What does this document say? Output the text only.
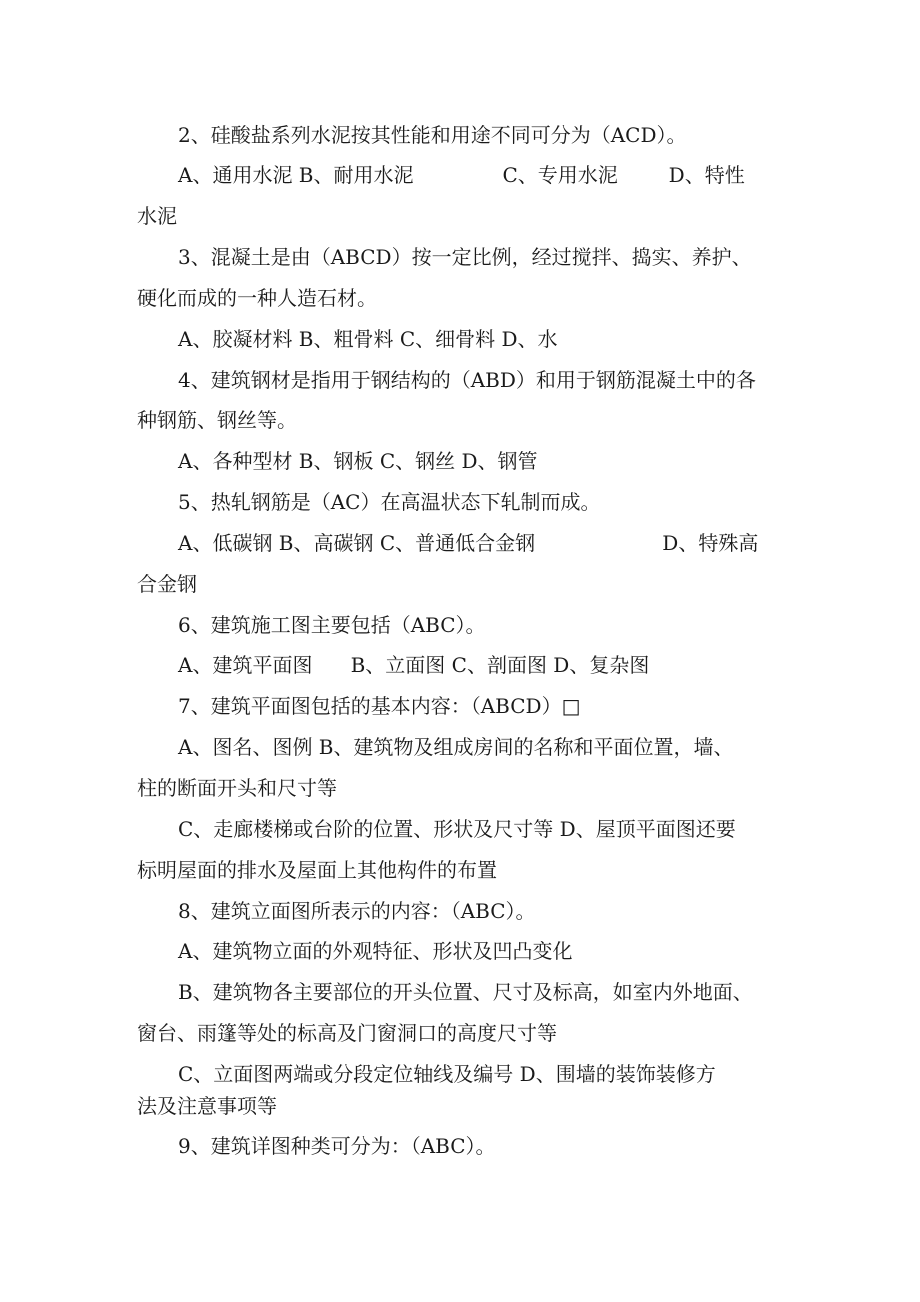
2、硅酸盐系列水泥按其性能和用途不同可分为（ACD）。
A、通用水泥 B、耐用水泥              C、专用水泥        D、特性
水泥
3、混凝土是由（ABCD）按一定比例，经过搅拌、捣实、养护、
硬化而成的一种人造石材。
A、胶凝材料 B、粗骨料 C、细骨料 D、水
4、建筑钢材是指用于钢结构的（ABD）和用于钢筋混凝土中的各
种钢筋、钢丝等。
A、各种型材 B、钢板 C、钢丝 D、钢管
5、热轧钢筋是（AC）在高温状态下轧制而成。
A、低碳钢 B、高碳钢 C、普通低合金钢                    D、特殊高
合金钢
6、建筑施工图主要包括（ABC）。
A、建筑平面图      B、立面图 C、剖面图 D、复杂图
7、建筑平面图包括的基本内容：（ABCD）□
A、图名、图例 B、建筑物及组成房间的名称和平面位置，墙、
柱的断面开头和尺寸等
C、走廊楼梯或台阶的位置、形状及尺寸等 D、屋顶平面图还要
标明屋面的排水及屋面上其他构件的布置
8、建筑立面图所表示的内容：（ABC）。
A、建筑物立面的外观特征、形状及凹凸变化
B、建筑物各主要部位的开头位置、尺寸及标高，如室内外地面、
窗台、雨篷等处的标高及门窗洞口的高度尺寸等
C、立面图两端或分段定位轴线及编号 D、围墙的装饰装修方
法及注意事项等
9、建筑详图种类可分为：（ABC）。
